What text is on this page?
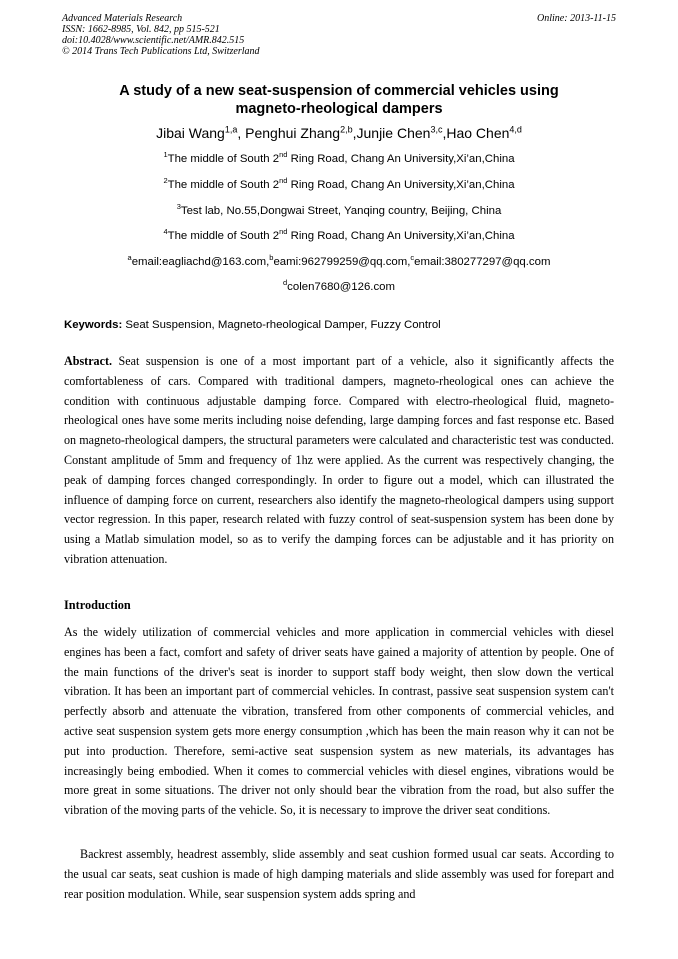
Advanced Materials Research
ISSN: 1662-8985, Vol. 842, pp 515-521
doi:10.4028/www.scientific.net/AMR.842.515
© 2014 Trans Tech Publications Ltd, Switzerland
Online: 2013-11-15
A study of a new seat-suspension of commercial vehicles using
magneto-rheological dampers
Jibai Wang$^{1,a}$, Penghui Zhang$^{2,b}$,Junjie Chen$^{3,c}$,Hao Chen$^{4,d}$
$^1$The middle of South 2nd Ring Road, Chang An University,Xi’an,China
$^2$The middle of South 2nd Ring Road, Chang An University,Xi’an,China
$^3$Test lab, No.55,Dongwai Street, Yanqing country, Beijing, China
$^4$The middle of South 2nd Ring Road, Chang An University,Xi’an,China
$^a$email:eagliachd@163.com,$^b$eami:962799259@qq.com,$^c$email:380277297@qq.com
$^d$colen7680@126.com
Keywords: Seat Suspension, Magneto-rheological Damper, Fuzzy Control

Abstract. Seat suspension is one of a most important part of a vehicle, also it significantly affects the comfortableness of cars. Compared with traditional dampers, magneto-rheological ones can achieve the condition with continuous adjustable damping force. Compared with electro-rheological fluid, magneto-rheological ones have some merits including noise defending, large damping forces and fast response etc. Based on magneto-rheological dampers, the structural parameters were calculated and characteristic test was conducted. Constant amplitude of 5mm and frequency of 1hz were applied. As the current was respectively changing, the peak of damping forces changed correspondingly. In order to figure out a model, which can illustrated the influence of damping force on current, researchers also identify the magneto-rheological dampers using support vector regression. In this paper, research related with fuzzy control of seat-suspension system has been done by using a Matlab simulation model, so as to verify the damping forces can be adjustable and it has priority on vibration attenuation.

Introduction

As the widely utilization of commercial vehicles and more application in commercial vehicles with diesel engines has been a fact, comfort and safety of driver seats have gained a majority of attention by people. One of the main functions of the driver's seat is inorder to support staff body weight, then slow down the vertical vibration. It has been an important part of commercial vehicles. In contrast, passive seat suspension system can't perfectly absorb and attenuate the vibration, transfered from other components of commercial vehicles, and active seat suspension system gets more energy consumption ,which has been the main reason why it can not be put into production. Therefore, semi-active seat suspension system as new materials, its advantages has increasingly being embodied. When it comes to commercial vehicles with diesel engines, vibrations would be more great in some situations. The driver not only should bear the vibration from the road, but also suffer the vibration of the moving parts of the vehicle. So, it is necessary to improve the driver seat conditions.

Backrest assembly, headrest assembly, slide assembly and seat cushion formed usual car seats. According to the usual car seats, seat cushion is made of high damping materials and slide assembly was used for forepart and rear position modulation. While, sear suspension system adds spring and
